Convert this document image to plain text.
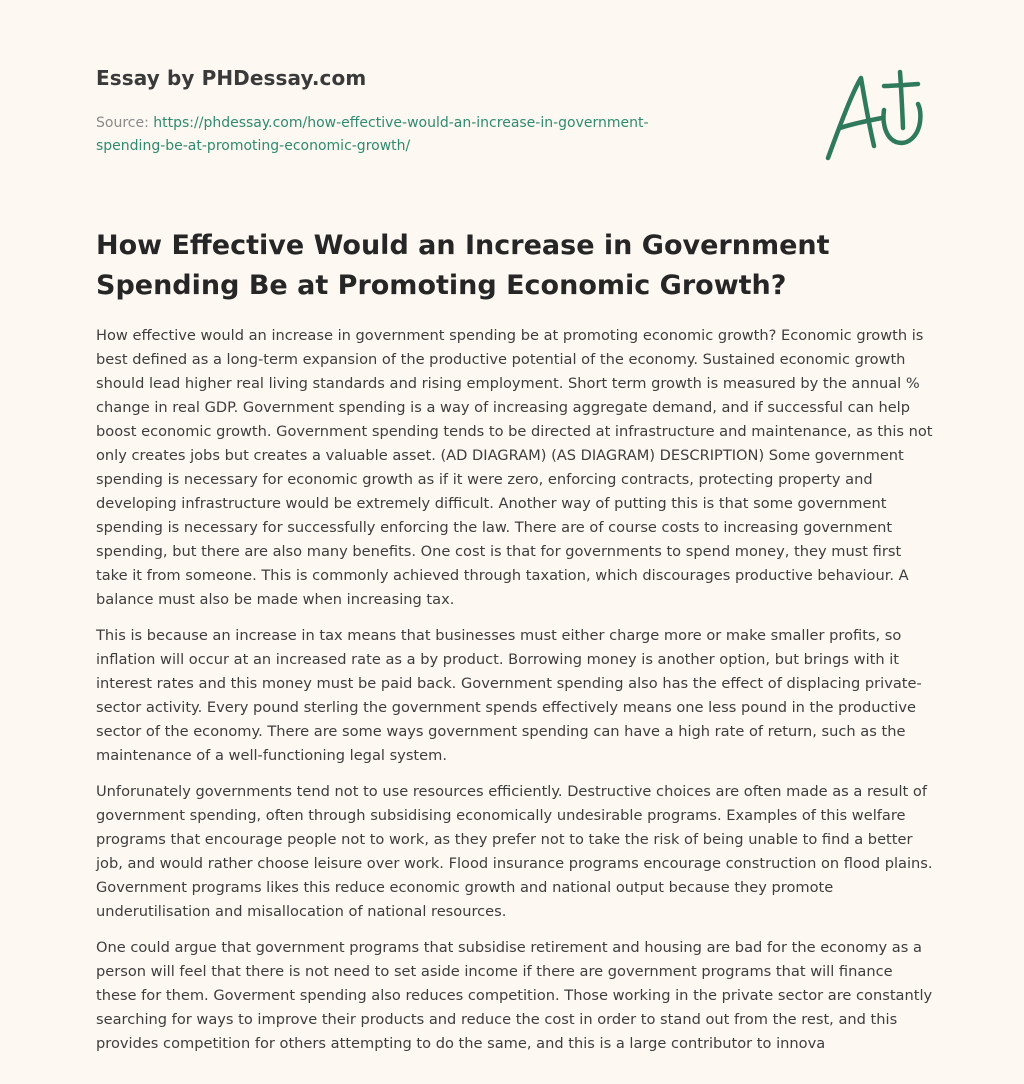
Essay by PHDessay.com
Source: https://phdessay.com/how-effective-would-an-increase-in-government-spending-be-at-promoting-economic-growth/
How Effective Would an Increase in Government Spending Be at Promoting Economic Growth?

How effective would an increase in government spending be at promoting economic growth? Economic growth is best defined as a long-term expansion of the productive potential of the economy. Sustained economic growth should lead higher real living standards and rising employment. Short term growth is measured by the annual % change in real GDP. Government spending is a way of increasing aggregate demand, and if successful can help boost economic growth. Government spending tends to be directed at infrastructure and maintenance, as this not only creates jobs but creates a valuable asset. (AD DIAGRAM) (AS DIAGRAM) DESCRIPTION) Some government spending is necessary for economic growth as if it were zero, enforcing contracts, protecting property and developing infrastructure would be extremely difficult. Another way of putting this is that some government spending is necessary for successfully enforcing the law. There are of course costs to increasing government spending, but there are also many benefits. One cost is that for governments to spend money, they must first take it from someone. This is commonly achieved through taxation, which discourages productive behaviour. A balance must also be made when increasing tax.

This is because an increase in tax means that businesses must either charge more or make smaller profits, so inflation will occur at an increased rate as a by product. Borrowing money is another option, but brings with it interest rates and this money must be paid back. Government spending also has the effect of displacing private-sector activity. Every pound sterling the government spends effectively means one less pound in the productive sector of the economy. There are some ways government spending can have a high rate of return, such as the maintenance of a well-functioning legal system.

Unforunately governments tend not to use resources efficiently. Destructive choices are often made as a result of government spending, often through subsidising economically undesirable programs. Examples of this welfare programs that encourage people not to work, as they prefer not to take the risk of being unable to find a better job, and would rather choose leisure over work. Flood insurance programs encourage construction on flood plains. Government programs likes this reduce economic growth and national output because they promote underutilisation and misallocation of national resources.

One could argue that government programs that subsidise retirement and housing are bad for the economy as a person will feel that there is not need to set aside income if there are government programs that will finance these for them. Goverment spending also reduces competition. Those working in the private sector are constantly searching for ways to improve their products and reduce the cost in order to stand out from the rest, and this provides competition for others attempting to do the same, and this is a large contributor to innova
